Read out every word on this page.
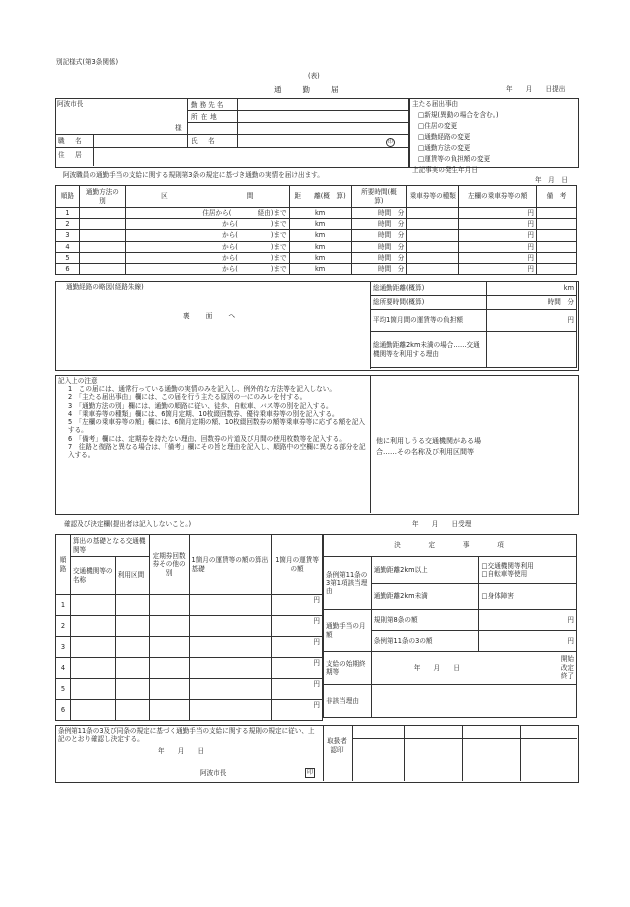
別記様式(第3条関係)
(表)
通　　勤　　届	年　　月　　日提出
阿波市長
様
勤務先名
所在地
職　名	氏　名	印
住　居
主たる届出事由
□新規(異動の場合を含む。)
□住居の変更
□通勤経路の変更
□通勤方法の変更
□運賃等の負担額の変更
上記事実の発生年月日
年　月　日
阿波職員の通勤手当の支給に関する規則第3条の規定に基づき通勤の実情を届け出ます。
順路	通勤方法の　別	区　　　　　　　　　　　　間	距　　離(概　算)	所要時間(概　算)	乗車券等の種類	左欄の乗車券等の額	備　考
1		住居から(　　　　経由)まで	km	時間　分		円	
2		から(　　　　　)まで	km	時間　分		円	
3		から(　　　　　)まで	km	時間　分		円	
4		から(　　　　　)まで	km	時間　分		円	
5		から(　　　　　)まで	km	時間　分		円	
6		から(　　　　　)まで	km	時間　分		円	
通勤経路の略図(経路朱線)
裏　　面　　へ
総通勤距離(概算)	km
総所要時間(概算)	時間　分
平均1箇月間の運賃等の負担額	円
総通勤距離2km未満の場合……交通機関等を利用する理由	
記入上の注意
1　この届には、通常行っている通勤の実情のみを記入し、例外的な方法等を記入しない。
2　「主たる届出事由」欄には、この届を行う主たる原因の一にのみレを付する。
3　「通勤方法の別」欄には、通勤の順路に従い、徒歩、自転車、バス等の別を記入する。
4　「乗車券等の種類」欄には、6箇月定期、10枚綴回数券、優待乗車券等の別を記入する。
5　「左欄の乗車券等の額」欄には、6箇月定期の額、10枚綴回数券の額等乗車券等に応ずる額を記入する。
6　「備考」欄には、定期券を持たない理由、回数券の片道及び月間の使用枚数等を記入する。
7　往路と復路と異なる場合は、「備考」欄にその旨と理由を記入し、順路中の空欄に異なる部分を記入する。
他に利用しうる交通機関がある場合……その名称及び利用区間等
確認及び決定欄(提出者は記入しないこと。)	年　　月　　日受理
順路	算出の基礎となる交通機関等		定期券回数券その他の別	1箇月の運賃等の額の算出基礎	1箇月の運賃等の額
	交通機関等の名称	利用区間			
1					円
2					円
3					円
4					円
5					円
6					円
決　　　定　　　事　　　項		
条例第11条の3第1項該当理由	通勤距離2km以上	□交通機関等利用
□自転車等使用

	通勤距離2km未満	□身体障害
通勤手当の月額	規則第8条の額	円
	条例第11条の3の額	円
支給の始期終期等	年　　月　　日
開始
改定
終了	

非該当理由		
条例第11条の3及び同条の規定に基づく通勤手当の支給に関する規則の規定に従い、上記のとおり確認し決定する。
年　　月　　日
阿波市長	印
取扱者認印
